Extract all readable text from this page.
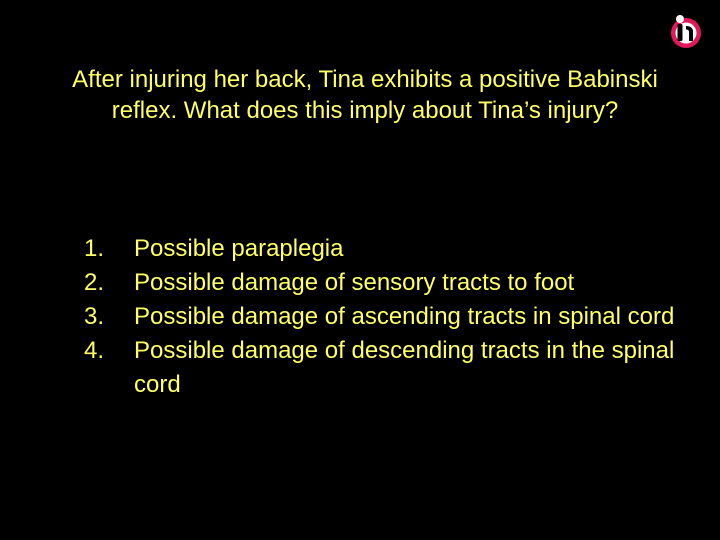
After injuring her back, Tina exhibits a positive Babinski reflex. What does this imply about Tina’s injury?
1.	Possible paraplegia
2.	Possible damage of sensory tracts to foot
3.	Possible damage of ascending tracts in spinal cord
4.	Possible damage of descending tracts in the spinal cord
